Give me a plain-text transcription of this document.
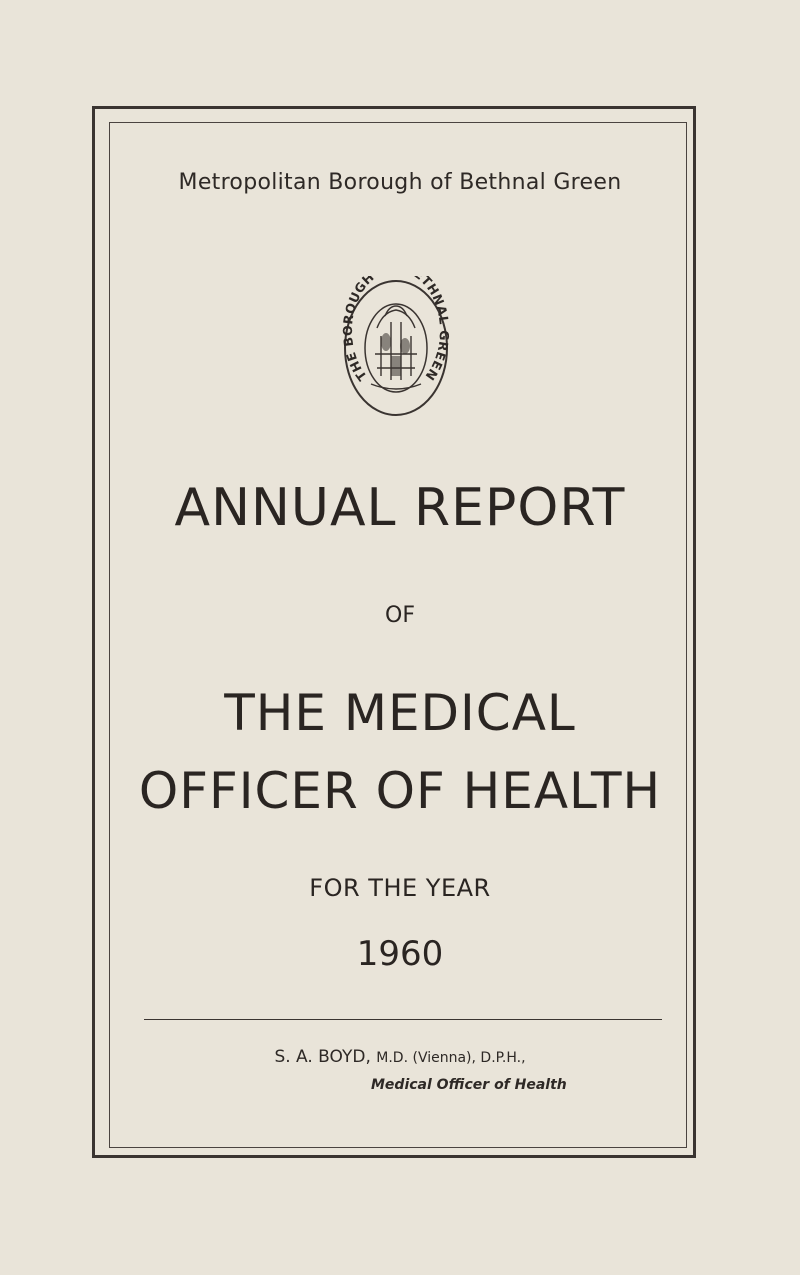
Metropolitan Borough of Bethnal Green
THE BOROUGH THNAL GREEN
ANNUAL REPORT
OF
THE MEDICAL
OFFICER OF HEALTH
FOR THE YEAR
1960
S. A. BOYD, M.D. (Vienna), D.P.H.,
Medical Officer of Health
